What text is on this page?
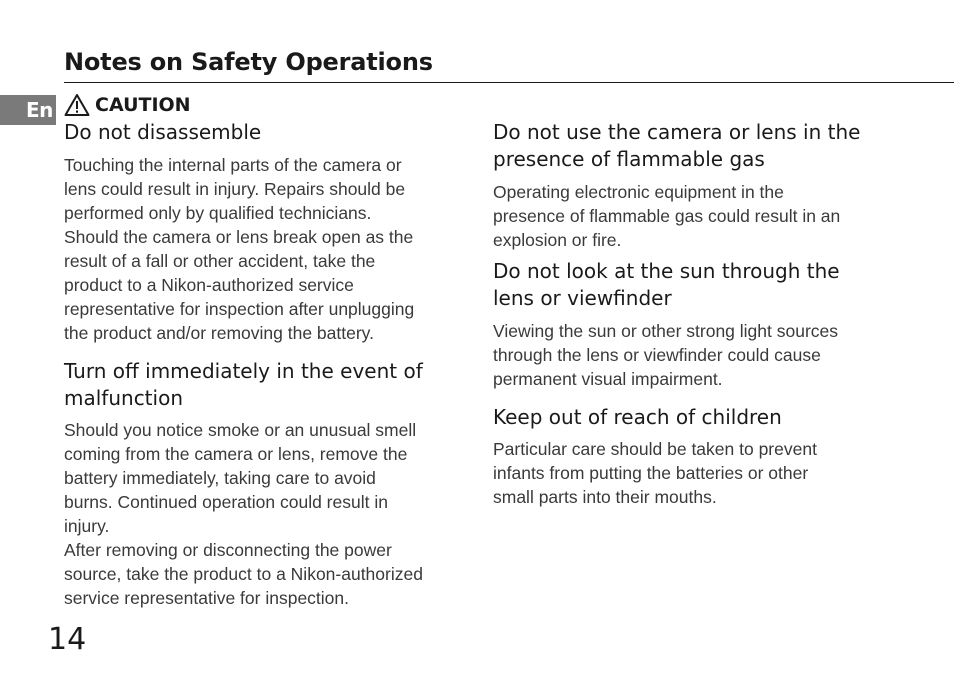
Notes on Safety Operations
En CAUTION
Do not disassemble
Touching the internal parts of the camera or
lens could result in injury. Repairs should be
performed only by qualified technicians.
Should the camera or lens break open as the
result of a fall or other accident, take the
product to a Nikon-authorized service
representative for inspection after unplugging
the product and/or removing the battery.
Turn off immediately in the event of
malfunction
Should you notice smoke or an unusual smell
coming from the camera or lens, remove the
battery immediately, taking care to avoid
burns. Continued operation could result in
injury.
After removing or disconnecting the power
source, take the product to a Nikon-authorized
service representative for inspection.
Do not use the camera or lens in the
presence of flammable gas
Operating electronic equipment in the
presence of flammable gas could result in an
explosion or fire.
Do not look at the sun through the
lens or viewfinder
Viewing the sun or other strong light sources
through the lens or viewfinder could cause
permanent visual impairment.
Keep out of reach of children
Particular care should be taken to prevent
infants from putting the batteries or other
small parts into their mouths.
14
